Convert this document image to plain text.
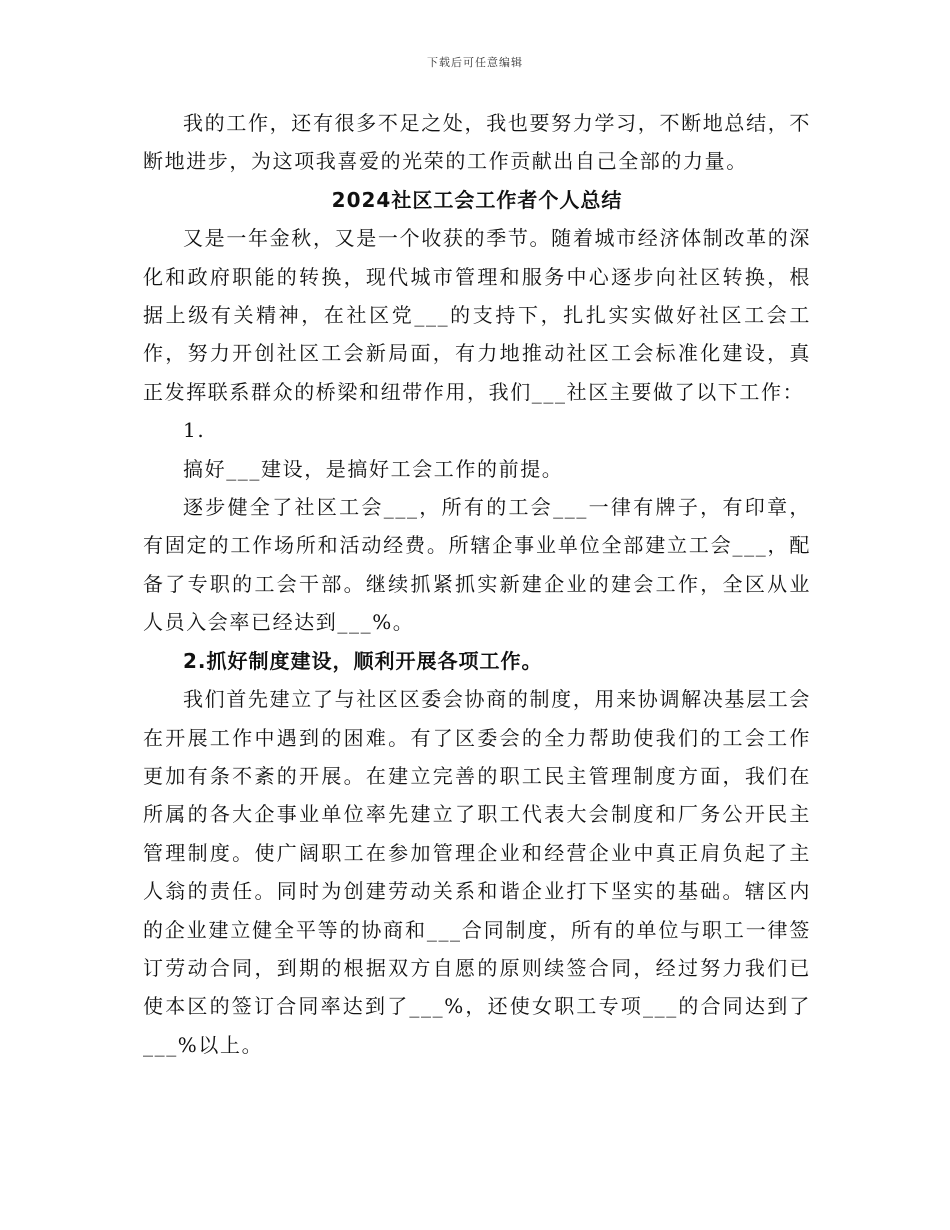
下载后可任意编辑

我的工作，还有很多不足之处，我也要努力学习，不断地总结，不断地进步，为这项我喜爱的光荣的工作贡献出自己全部的力量。

2024社区工会工作者个人总结

又是一年金秋，又是一个收获的季节。随着城市经济体制改革的深化和政府职能的转换，现代城市管理和服务中心逐步向社区转换，根据上级有关精神，在社区党___的支持下，扎扎实实做好社区工会工作，努力开创社区工会新局面，有力地推动社区工会标准化建设，真正发挥联系群众的桥梁和纽带作用，我们___社区主要做了以下工作：

1.

搞好___建设，是搞好工会工作的前提。

逐步健全了社区工会___，所有的工会___一律有牌子，有印章，有固定的工作场所和活动经费。所辖企事业单位全部建立工会___，配备了专职的工会干部。继续抓紧抓实新建企业的建会工作，全区从业人员入会率已经达到___%。

2.抓好制度建设，顺利开展各项工作。

我们首先建立了与社区区委会协商的制度，用来协调解决基层工会在开展工作中遇到的困难。有了区委会的全力帮助使我们的工会工作更加有条不紊的开展。在建立完善的职工民主管理制度方面，我们在所属的各大企事业单位率先建立了职工代表大会制度和厂务公开民主管理制度。使广阔职工在参加管理企业和经营企业中真正肩负起了主人翁的责任。同时为创建劳动关系和谐企业打下坚实的基础。辖区内的企业建立健全平等的协商和___合同制度，所有的单位与职工一律签订劳动合同，到期的根据双方自愿的原则续签合同，经过努力我们已使本区的签订合同率达到了___%，还使女职工专项___的合同达到了___%以上。
